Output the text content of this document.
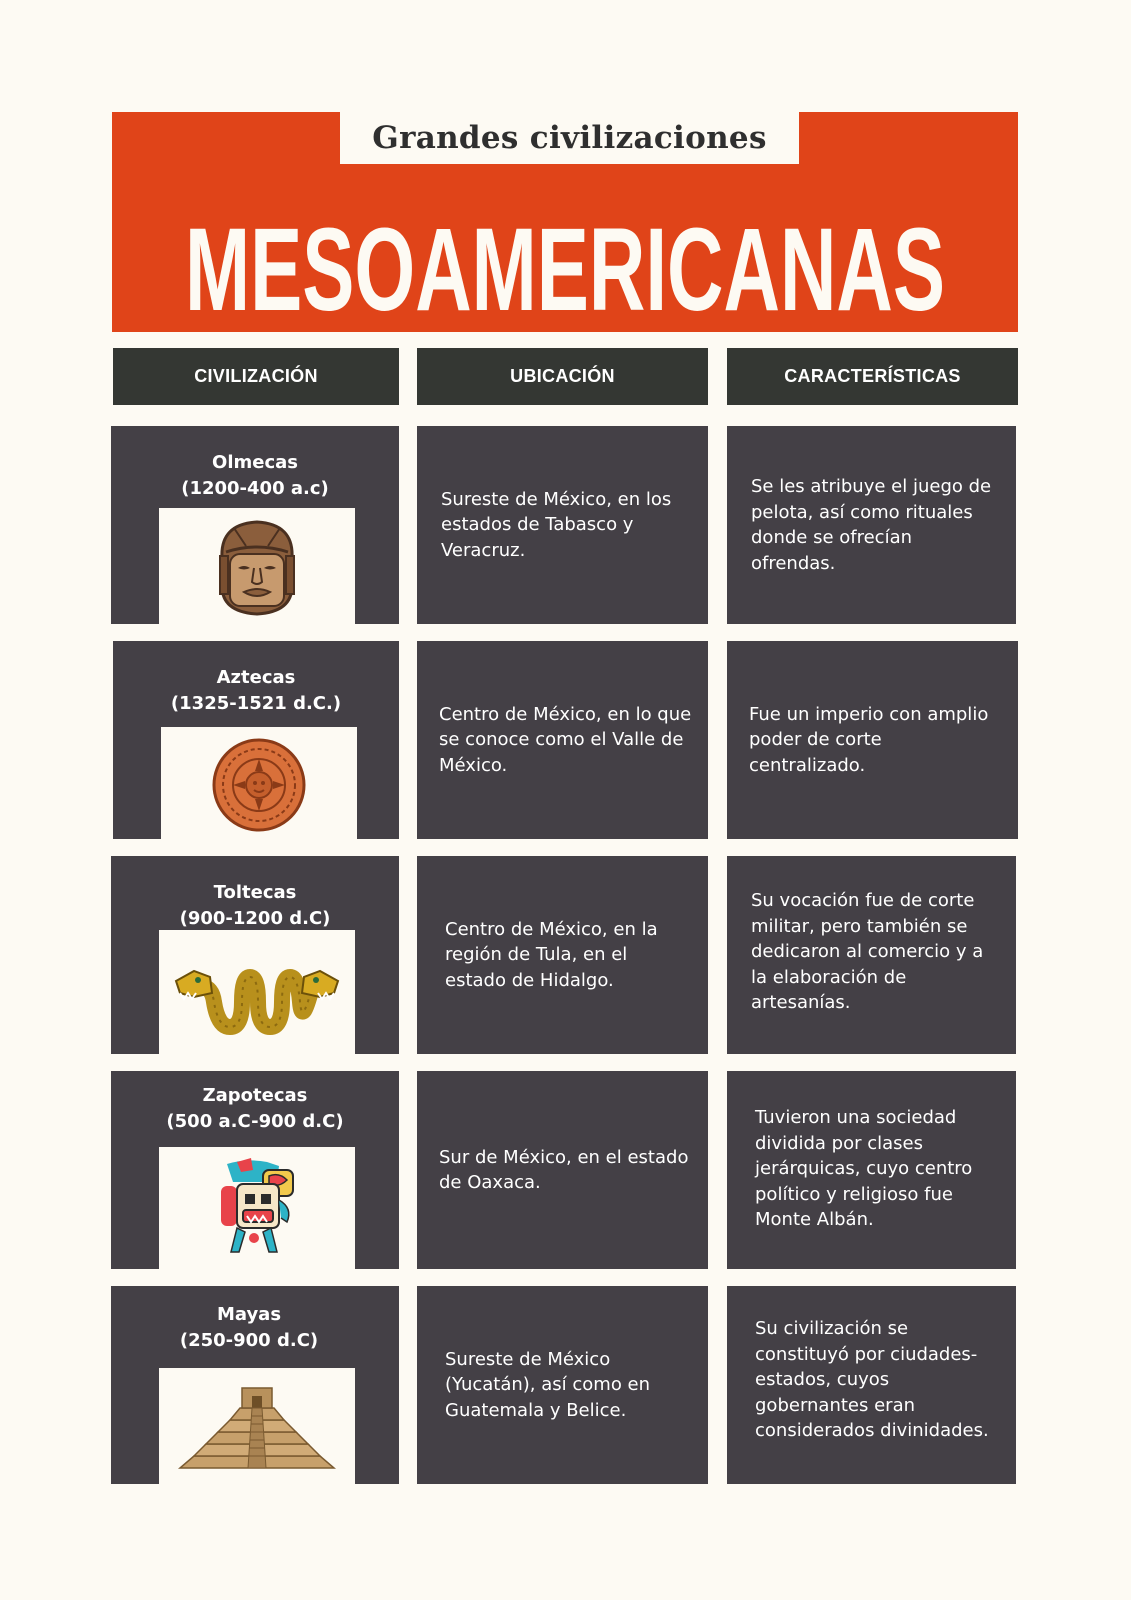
Grandes civilizaciones
MESOAMERICANAS
CIVILIZACIÓN	UBICACIÓN	CARACTERÍSTICAS
Olmecas
(1200-400 a.c)
Sureste de México, en los estados de Tabasco y Veracruz.
Se les atribuye el juego de pelota, así como rituales donde se ofrecían ofrendas.
Aztecas
(1325-1521 d.C.)
Centro de México, en lo que se conoce como el Valle de México.
Fue un imperio con amplio poder de corte centralizado.
Toltecas
(900-1200 d.C)
Centro de México, en la región de Tula, en el estado de Hidalgo.
Su vocación fue de corte militar, pero también se dedicaron al comercio y a la elaboración de artesanías.
Zapotecas
(500 a.C-900 d.C)
Sur de México, en el estado de Oaxaca.
Tuvieron una sociedad dividida por clases jerárquicas, cuyo centro político y religioso fue Monte Albán.
Mayas
(250-900 d.C)
Sureste de México (Yucatán), así como en Guatemala y Belice.
Su civilización se constituyó por ciudades-estados, cuyos gobernantes eran considerados divinidades.
